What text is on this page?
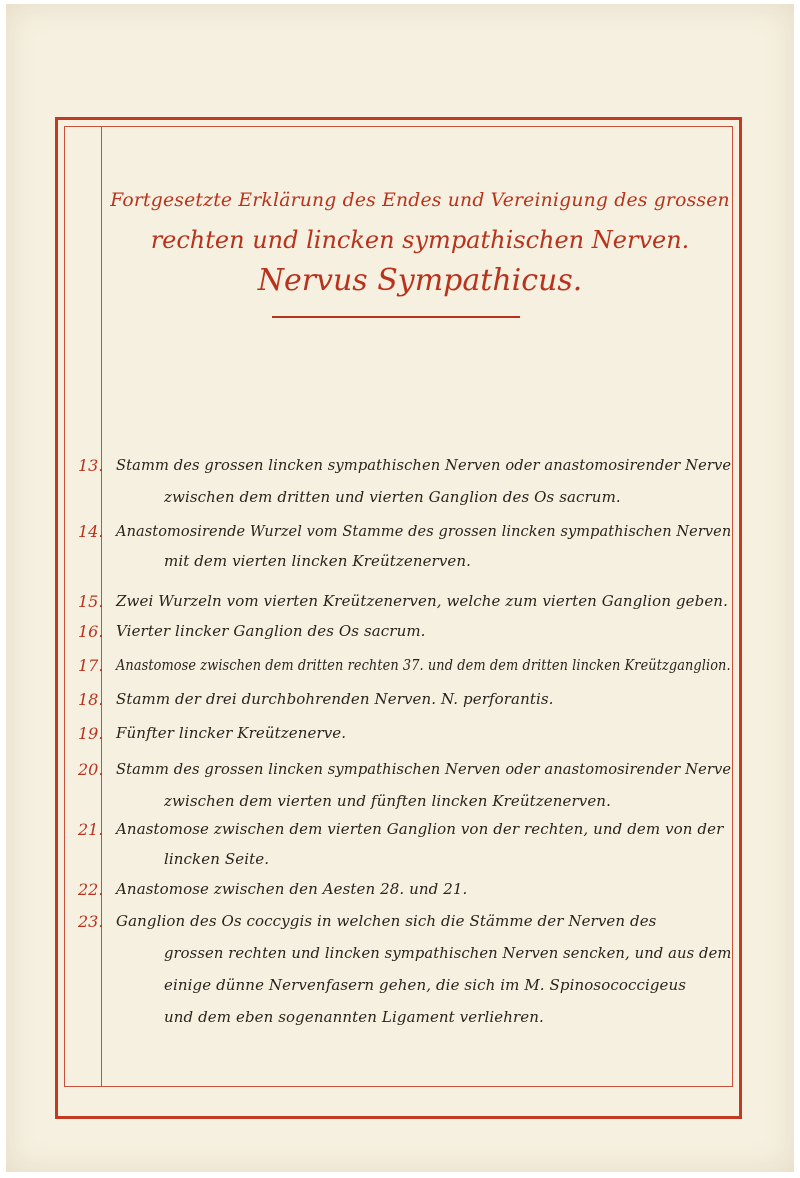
Fortgesetzte Erklärung des Endes und Vereinigung des grossen
rechten und lincken sympathischen Nerven.
Nervus Sympathicus.
13. Stamm des grossen lincken sympathischen Nerven oder anastomosirender Nerve
zwischen dem dritten und vierten Ganglion des Os sacrum.
14. Anastomosirende Wurzel vom Stamme des grossen lincken sympathischen Nerven
mit dem vierten lincken Kreützenerven.
15. Zwei Wurzeln vom vierten Kreützenerven, welche zum vierten Ganglion geben.
16. Vierter lincker Ganglion des Os sacrum.
17. Anastomose zwischen dem dritten rechten 37. und dem dem dritten lincken Kreützganglion.
18. Stamm der drei durchbohrenden Nerven. N. perforantis.
19. Fünfter lincker Kreützenerve.
20. Stamm des grossen lincken sympathischen Nerven oder anastomosirender Nerve
zwischen dem vierten und fünften lincken Kreützenerven.
21. Anastomose zwischen dem vierten Ganglion von der rechten, und dem von der
lincken Seite.
22. Anastomose zwischen den Aesten 28. und 21.
23. Ganglion des Os coccygis in welchen sich die Stämme der Nerven des
grossen rechten und lincken sympathischen Nerven sencken, und aus dem
einige dünne Nervenfasern gehen, die sich im M. Spinosococcigeus
und dem eben sogenannten Ligament verliehren.
